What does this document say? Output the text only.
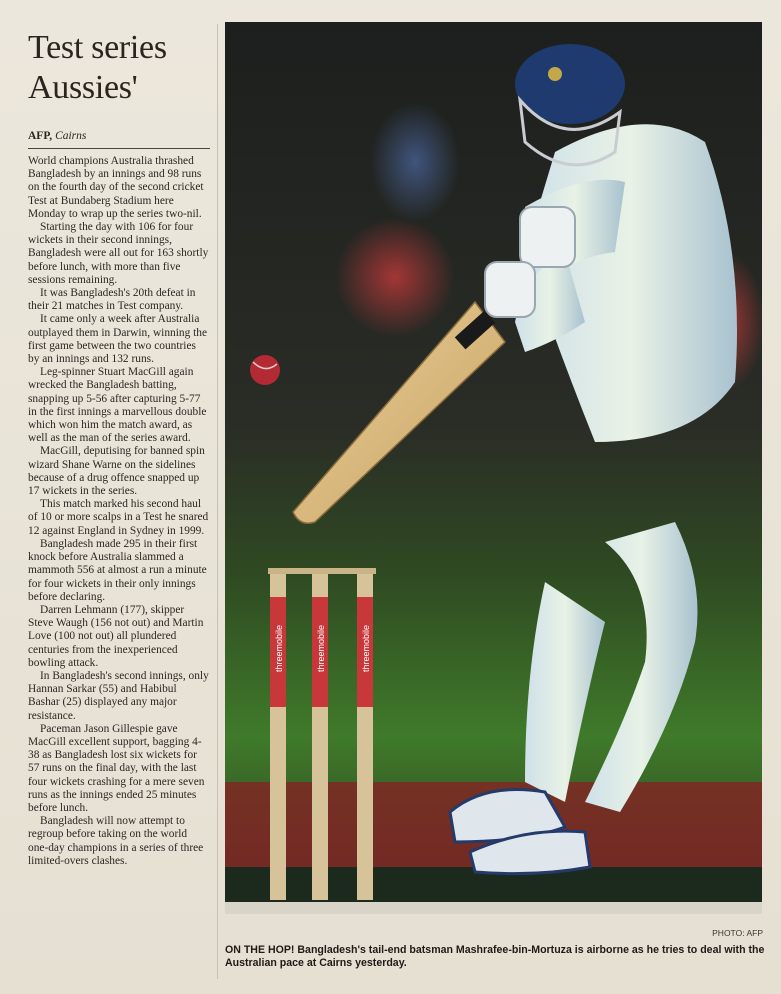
Test series
Aussies'
AFP, Cairns

World champions Australia thrashed Bangladesh by an innings and 98 runs on the fourth day of the second cricket Test at Bundaberg Stadium here Monday to wrap up the series two-nil.

Starting the day with 106 for four wickets in their second innings, Bangladesh were all out for 163 shortly before lunch, with more than five sessions remaining.

It was Bangladesh's 20th defeat in their 21 matches in Test company.

It came only a week after Australia outplayed them in Darwin, winning the first game between the two countries by an innings and 132 runs.

Leg-spinner Stuart MacGill again wrecked the Bangladesh batting, snapping up 5-56 after capturing 5-77 in the first innings a marvellous double which won him the match award, as well as the man of the series award.

MacGill, deputising for banned spin wizard Shane Warne on the sidelines because of a drug offence snapped up 17 wickets in the series.

This match marked his second haul of 10 or more scalps in a Test he snared 12 against England in Sydney in 1999.

Bangladesh made 295 in their first knock before Australia slammed a mammoth 556 at almost a run a minute for four wickets in their only innings before declaring.

Darren Lehmann (177), skipper Steve Waugh (156 not out) and Martin Love (100 not out) all plundered centuries from the inexperienced bowling attack.

In Bangladesh's second innings, only Hannan Sarkar (55) and Habibul Bashar (25) displayed any major resistance.

Paceman Jason Gillespie gave MacGill excellent support, bagging 4-38 as Bangladesh lost six wickets for 57 runs on the final day, with the last four wickets crashing for a mere seven runs as the innings ended 25 minutes before lunch.

Bangladesh will now attempt to regroup before taking on the world one-day champions in a series of three limited-overs clashes.

threemobile	threemobile	threemobile
PHOTO: AFP
ON THE HOP! Bangladesh's tail-end batsman Mashrafee-bin-Mortuza is airborne as he tries to deal with the Australian pace at Cairns yesterday.
